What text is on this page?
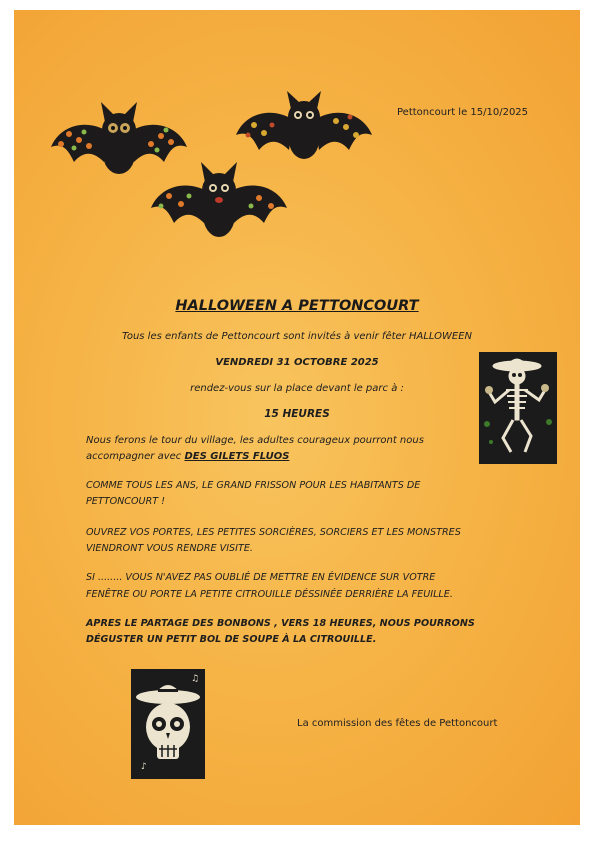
Pettoncourt le 15/10/2025
HALLOWEEN A PETTONCOURT
Tous les enfants de Pettoncourt sont invités à venir fêter HALLOWEEN
VENDREDI 31 OCTOBRE 2025
rendez-vous sur la place devant le parc à :
15 HEURES
Nous ferons le tour du village, les adultes courageux pourront nous
accompagner avec DES GILETS FLUOS
COMME TOUS LES ANS, LE GRAND FRISSON POUR LES HABITANTS DE
PETTONCOURT !
OUVREZ VOS PORTES, LES PETITES SORCIÈRES, SORCIERS ET LES MONSTRES
VIENDRONT VOUS RENDRE VISITE.
SI ........ VOUS N'AVEZ PAS OUBLIÉ DE METTRE EN ÉVIDENCE SUR VOTRE
FENÊTRE OU PORTE LA PETITE CITROUILLE DÉSSINÉE DERRIÈRE LA FEUILLE.
APRES LE PARTAGE DES BONBONS , VERS 18 HEURES, NOUS POURRONS
DÉGUSTER UN PETIT BOL DE SOUPE À LA CITROUILLE.
♪
♫
La commission des fêtes de Pettoncourt
